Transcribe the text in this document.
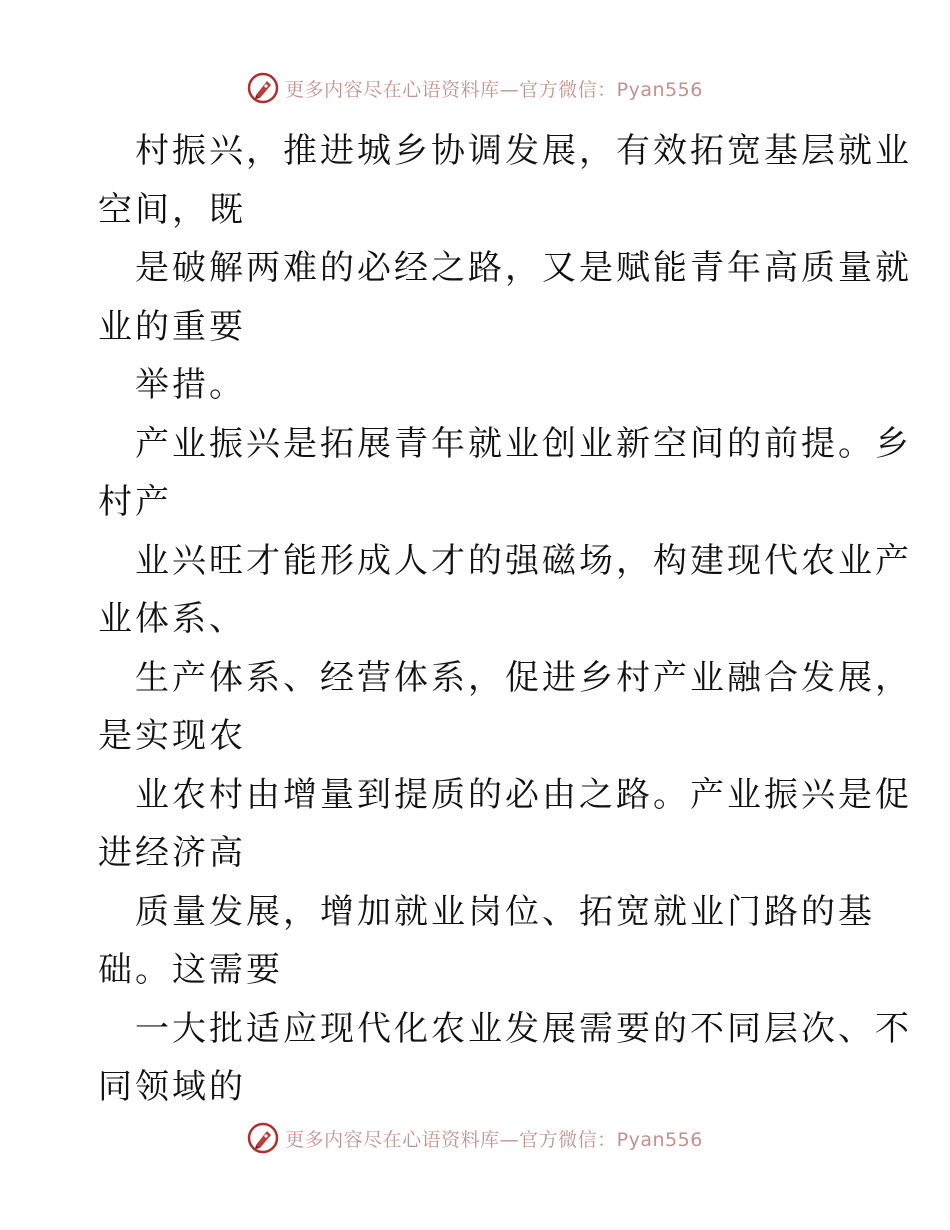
更多内容尽在心语资料库—官方微信：Pyan556
村振兴，推进城乡协调发展，有效拓宽基层就业
空间，既
是破解两难的必经之路，又是赋能青年高质量就
业的重要
举措。
产业振兴是拓展青年就业创业新空间的前提。乡
村产
业兴旺才能形成人才的强磁场，构建现代农业产
业体系、
生产体系、经营体系，促进乡村产业融合发展，
是实现农
业农村由增量到提质的必由之路。产业振兴是促
进经济高
质量发展，增加就业岗位、拓宽就业门路的基
础。这需要
一大批适应现代化农业发展需要的不同层次、不
同领域的
更多内容尽在心语资料库—官方微信：Pyan556
